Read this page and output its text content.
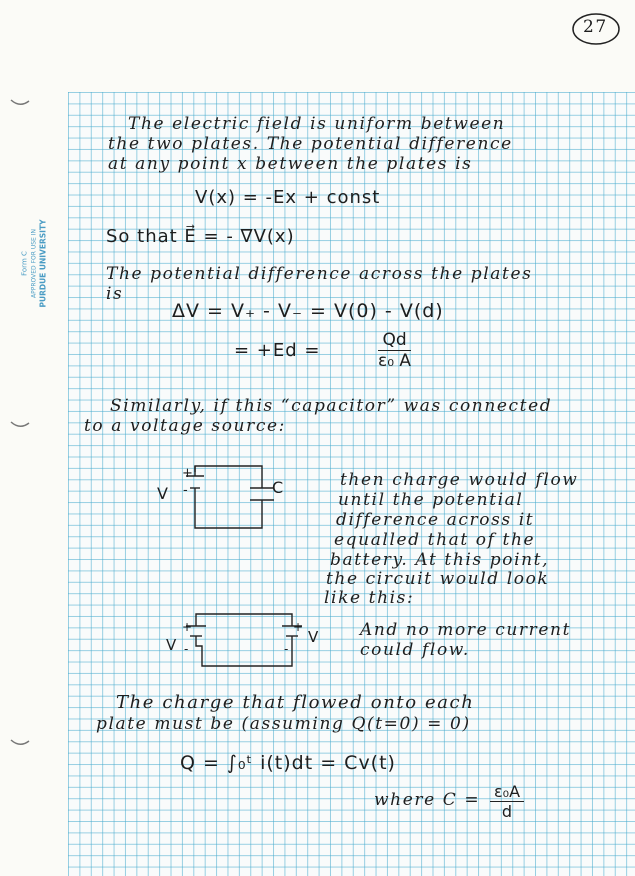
Form C APPROVED FOR USE IN PURDUE UNIVERSITY
27
The electric field is uniform between
the two plates. The potential difference
at any point x between the plates is
V(x) = -Ex + const
So that E⃗ = - ∇V(x)
The potential difference across the plates
is
ΔV = V₊ - V₋ = V(0) - V(d)
= +Ed =	$\frac{Qd}{\text{ε₀ A}}$
Similarly, if this “capacitor” was connected
to a voltage source:
+
-
V	C	then charge would flow
until the potential
difference across it
equalled that of the
battery. At this point,
the circuit would look
like this:
+
-
+
-
V	V And no more current
could flow.
The charge that flowed onto each
plate must be (assuming Q(t=0) = 0)
Q = ∫₀ᵗ i(t)dt = Cv(t)
where $C = \frac{\text{ε₀A}}{d}$
